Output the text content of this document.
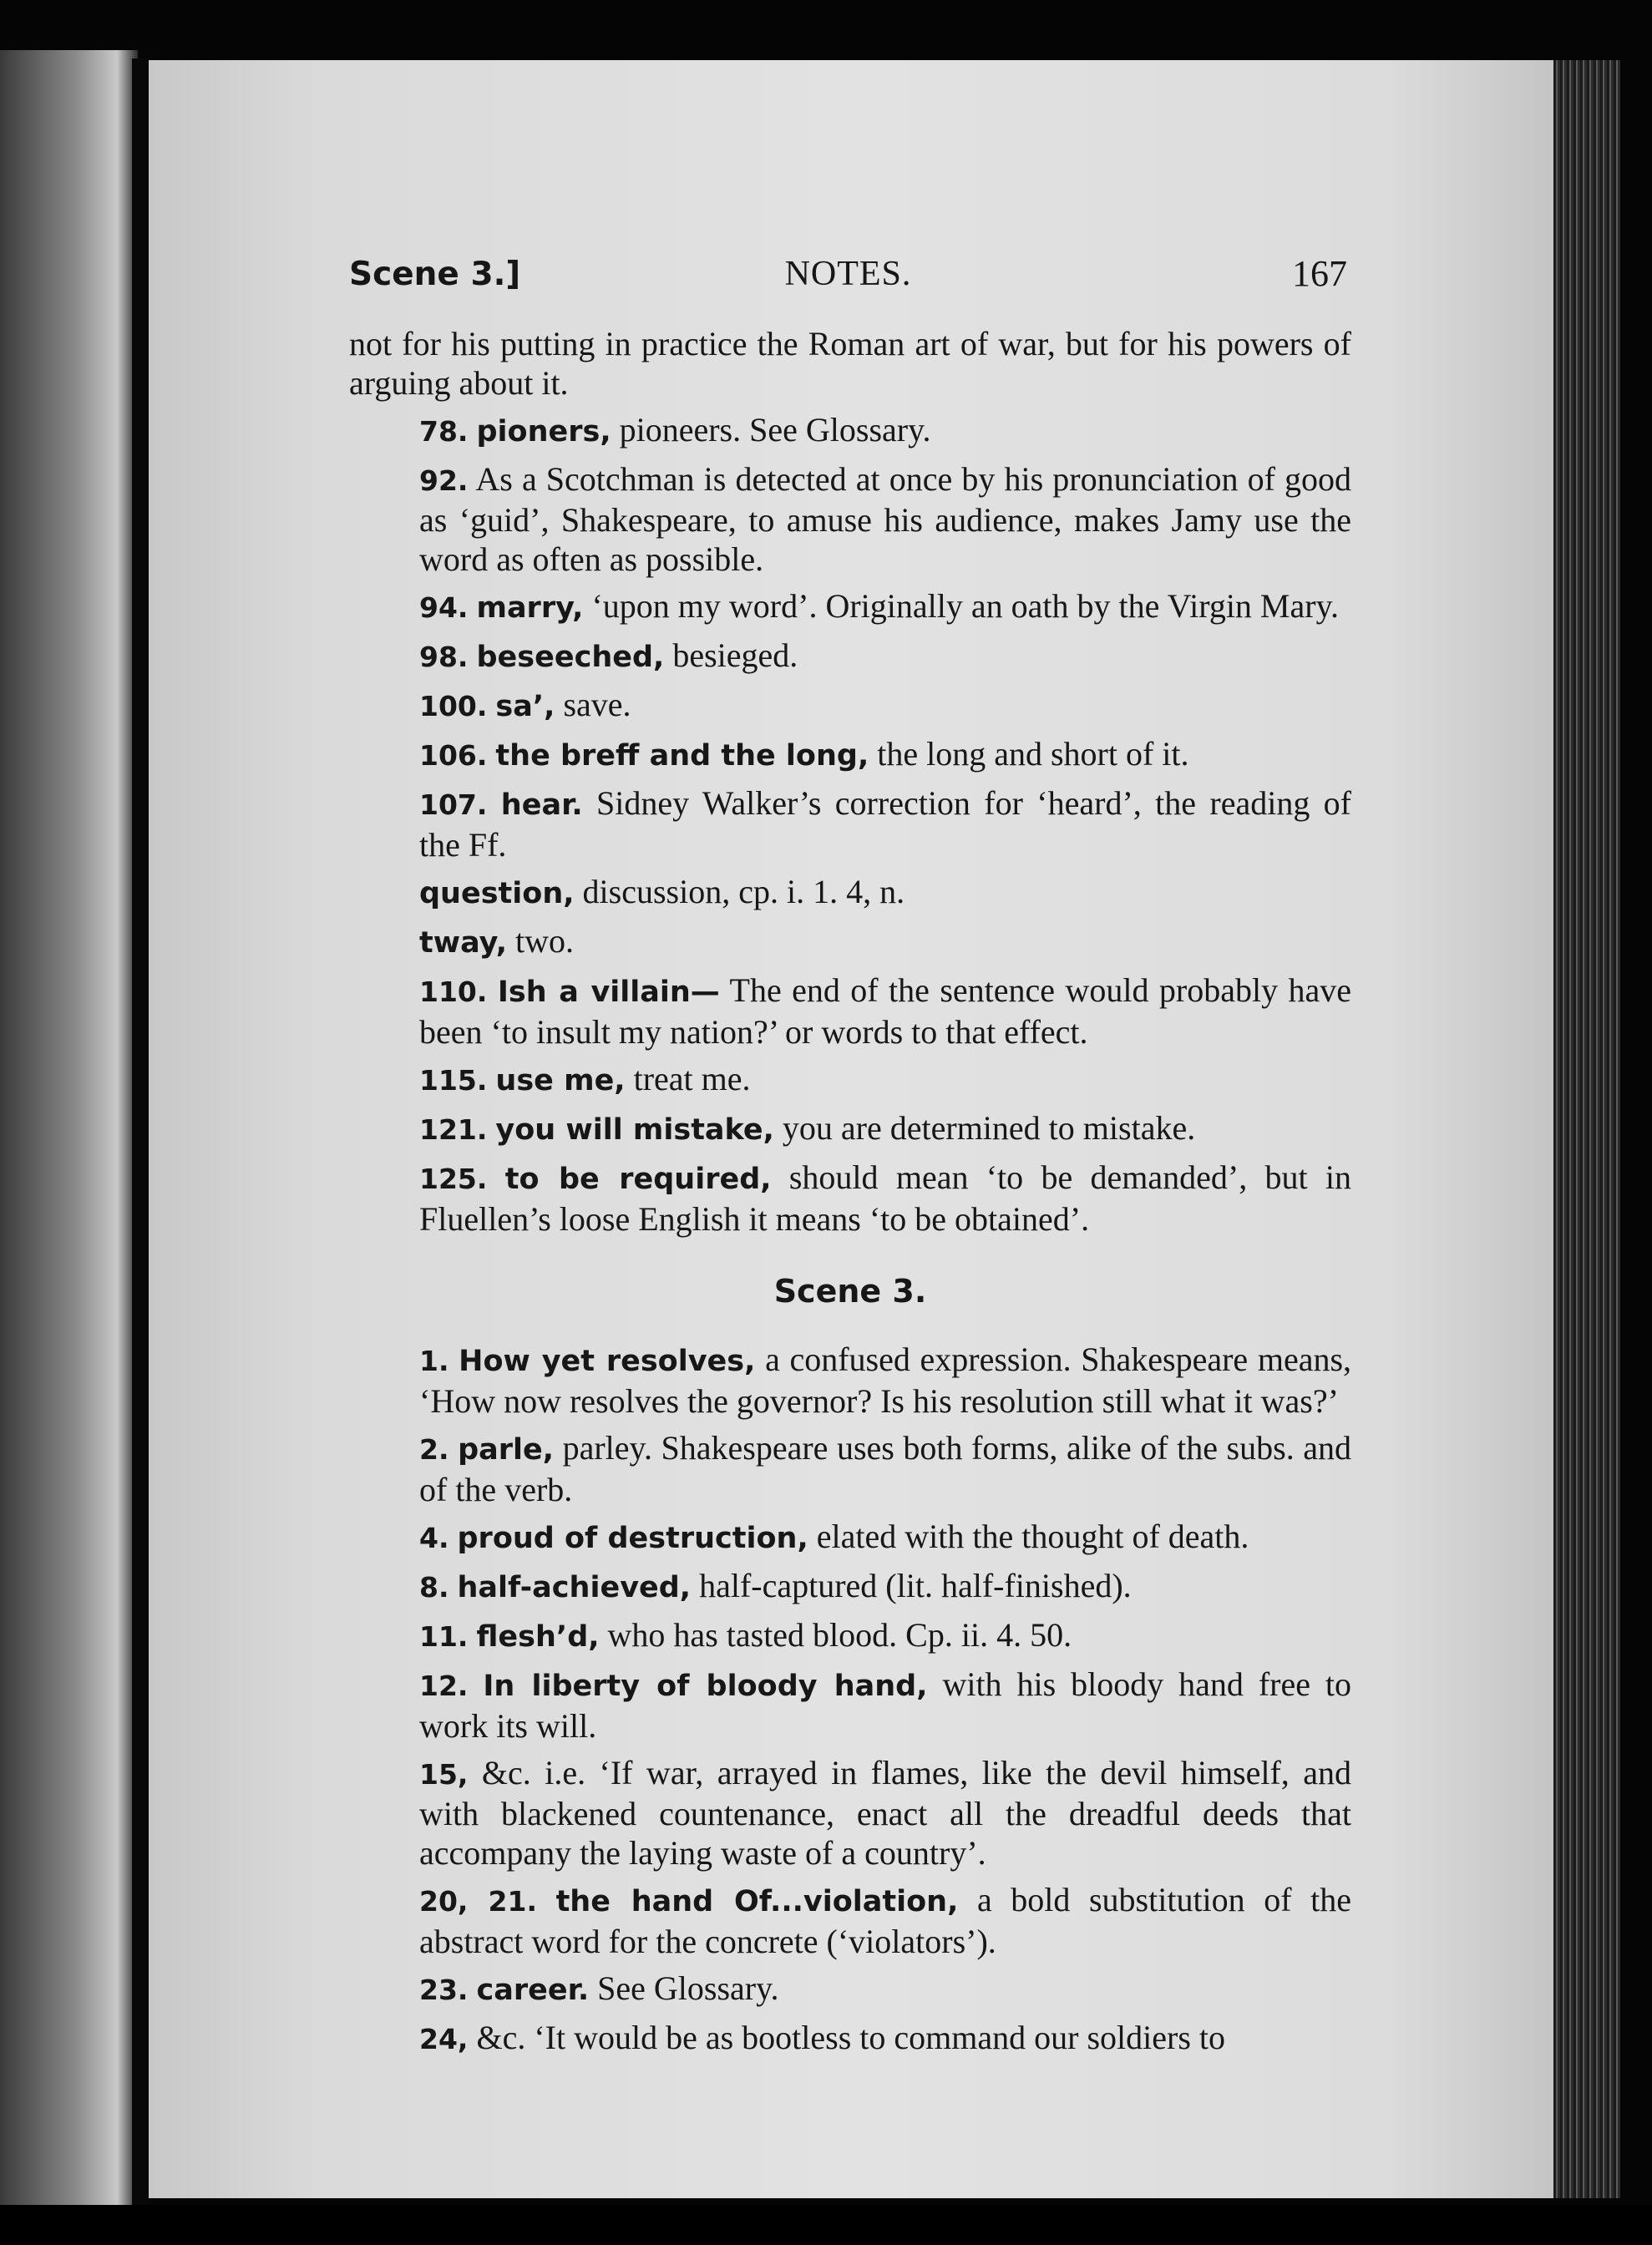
Scene 3.]	NOTES.	167

not for his putting in practice the Roman art of war, but for his powers of arguing about it.

78. pioners, pioneers. See Glossary.

92. As a Scotchman is detected at once by his pronunciation of good as ‘guid’, Shakespeare, to amuse his audience, makes Jamy use the word as often as possible.

94. marry, ‘upon my word’. Originally an oath by the Virgin Mary.

98. beseeched, besieged.

100. sa’, save.

106. the breff and the long, the long and short of it.

107. hear. Sidney Walker’s correction for ‘heard’, the reading of the Ff.

question, discussion, cp. i. 1. 4, n.

tway, two.

110. Ish a villain— The end of the sentence would probably have been ‘to insult my nation?’ or words to that effect.

115. use me, treat me.

121. you will mistake, you are determined to mistake.

125. to be required, should mean ‘to be demanded’, but in Fluellen’s loose English it means ‘to be obtained’.

Scene 3.

1. How yet resolves, a confused expression. Shakespeare means, ‘How now resolves the governor? Is his resolution still what it was?’

2. parle, parley. Shakespeare uses both forms, alike of the subs. and of the verb.

4. proud of destruction, elated with the thought of death.

8. half-achieved, half-captured (lit. half-finished).

11. flesh’d, who has tasted blood. Cp. ii. 4. 50.

12. In liberty of bloody hand, with his bloody hand free to work its will.

15, &c. i.e. ‘If war, arrayed in flames, like the devil himself, and with blackened countenance, enact all the dreadful deeds that accompany the laying waste of a country’.

20, 21. the hand Of...violation, a bold substitution of the abstract word for the concrete (‘violators’).

23. career. See Glossary.

24, &c. ‘It would be as bootless to command our soldiers to
